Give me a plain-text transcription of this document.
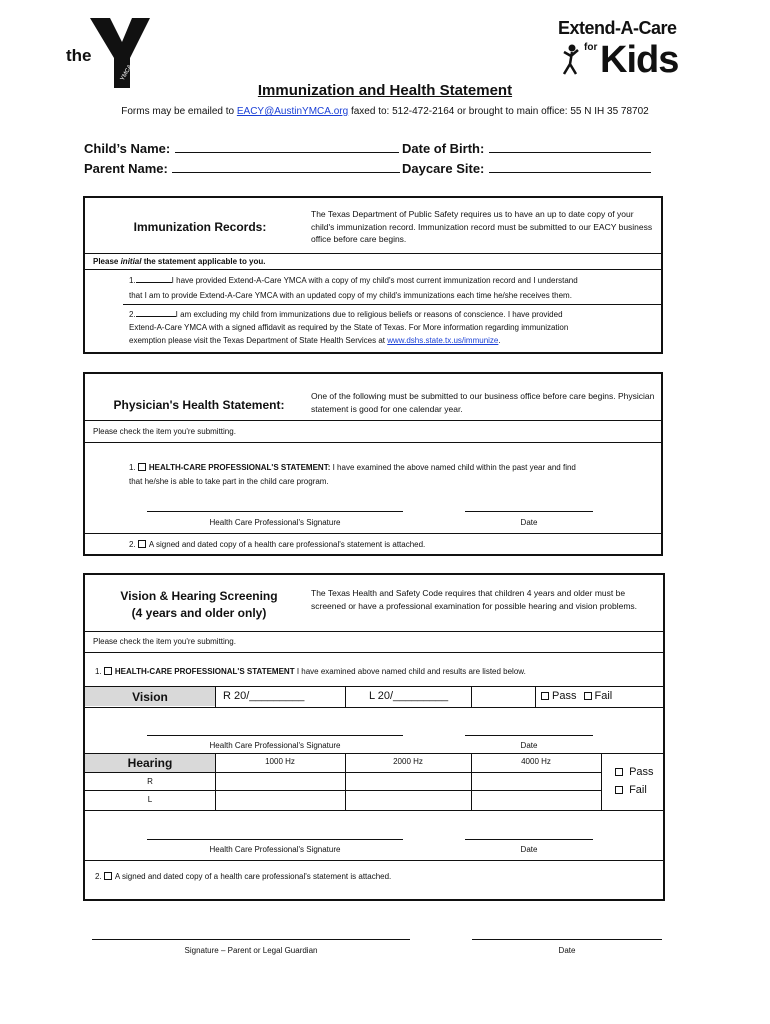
the
YMCA
Extend-A-Care
for Kids
Immunization and Health Statement
Forms may be emailed to EACY@AustinYMCA.org faxed to: 512-472-2164 or brought to main office: 55 N IH 35 78702
Child’s Name:	Date of Birth:
Parent Name:	Daycare Site:
Immunization Records:
The Texas Department of Public Safety requires us to have an up to date copy of your child's immunization record. Immunization record must be submitted to our EACY business office before care begins.
Please initial the statement applicable to you.
1.	I have provided Extend-A-Care YMCA with a copy of my child's most current immunization record and I understand
that I am to provide Extend-A-Care YMCA with an updated copy of my child's immunizations each time he/she receives them.
2.	I am excluding my child from immunizations due to religious beliefs or reasons of conscience. I have provided
Extend-A-Care YMCA with a signed affidavit as required by the State of Texas. For More information regarding immunization
exemption please visit the Texas Department of State Health Services at www.dshs.state.tx.us/immunize.
Physician's Health Statement:
One of the following must be submitted to our business office before care begins. Physician statement is good for one calendar year.
Please check the item you're submitting.
1. HEALTH-CARE PROFESSIONAL'S STATEMENT: I have examined the above named child within the past year and find
that he/she is able to take part in the child care program.
Health Care Professional's Signature	Date
2. A signed and dated copy of a health care professional's statement is attached.
Vision & Hearing Screening
(4 years and older only)
The Texas Health and Safety Code requires that children 4 years and older must be screened or have a professional examination for possible hearing and vision problems.
Please check the item you're submitting.
1. HEALTH-CARE PROFESSIONAL'S STATEMENT I have examined above named child and results are listed below.
Vision	R 20/_________	L 20/_________	Pass Fail
Health Care Professional's Signature	Date
Hearing	1000 Hz	2000 Hz	4000 Hz
R
L
Pass
Fail
Health Care Professional's Signature	Date
2. A signed and dated copy of a health care professional's statement is attached.
Signature – Parent or Legal Guardian	Date
